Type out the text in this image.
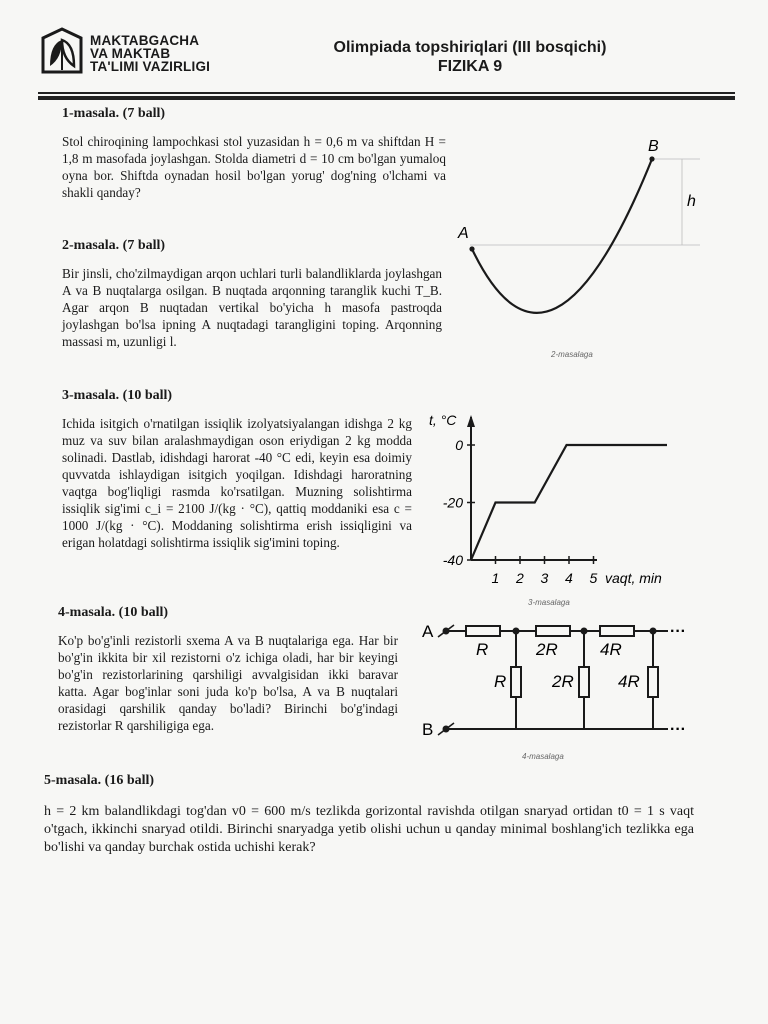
MAKTABGACHA
VA MAKTAB
TA'LIMI VAZIRLIGI
Olimpiada topshiriqlari (III bosqichi)
FIZIKA 9
1-masala. (7 ball)
Stol chiroqining lampochkasi stol yuzasidan h = 0,6 m va shiftdan H = 1,8 m masofada joylashgan. Stolda diametri d = 10 cm bo'lgan yumaloq oyna bor. Shiftda oynadan hosil bo'lgan yorug' dog'ning o'lchami va shakli qanday?
2-masala. (7 ball)
Bir jinsli, cho'zilmaydigan arqon uchlari turli balandliklarda joylashgan A va B nuqtalarga osilgan. B nuqtada arqonning taranglik kuchi T_B. Agar arqon B nuqtadan vertikal bo'yicha h masofa pastroqda joylashgan bo'lsa ipning A nuqtadagi tarangligini toping. Arqonning massasi m, uzunligi l.
A
B
h
2-masalaga
3-masala. (10 ball)
Ichida isitgich o'rnatilgan issiqlik izolyatsiyalangan idishga 2 kg muz va suv bilan aralashmaydigan oson eriydigan 2 kg modda solinadi. Dastlab, idishdagi harorat -40 °C edi, keyin esa doimiy quvvatda ishlaydigan isitgich yoqilgan. Idishdagi haroratning vaqtga bog'liqligi rasmda ko'rsatilgan. Muzning solishtirma issiqlik sig'imi c_i = 2100 J/(kg · °C), qattiq moddaniki esa c = 1000 J/(kg · °C). Moddaning solishtirma erish issiqligini va erigan holatdagi solishtirma issiqlik sig'imini toping.
1 2 3 4 5
0
-20
-40
t, °C
vaqt, min
3-masalaga
4-masala. (10 ball)
Ko'p bo'g'inli rezistorli sxema A va B nuqtalariga ega. Har bir bo'g'in ikkita bir xil rezistorni o'z ichiga oladi, har bir keyingi bo'g'in rezistorlarining qarshiligi avvalgisidan ikki baravar katta. Agar bog'inlar soni juda ko'p bo'lsa, A va B nuqtalari orasidagi qarshilik qanday bo'ladi? Birinchi bo'g'indagi rezistorlar R qarshiligiga ega.
···
···
A
B
R	2R 4R
R	2R	4R
4-masalaga
5-masala. (16 ball)
h = 2 km balandlikdagi tog'dan v0 = 600 m/s tezlikda gorizontal ravishda otilgan snaryad ortidan t0 = 1 s vaqt o'tgach, ikkinchi snaryad otildi. Birinchi snaryadga yetib olishi uchun u qanday minimal boshlang'ich tezlikka ega bo'lishi va qanday burchak ostida uchishi kerak?
